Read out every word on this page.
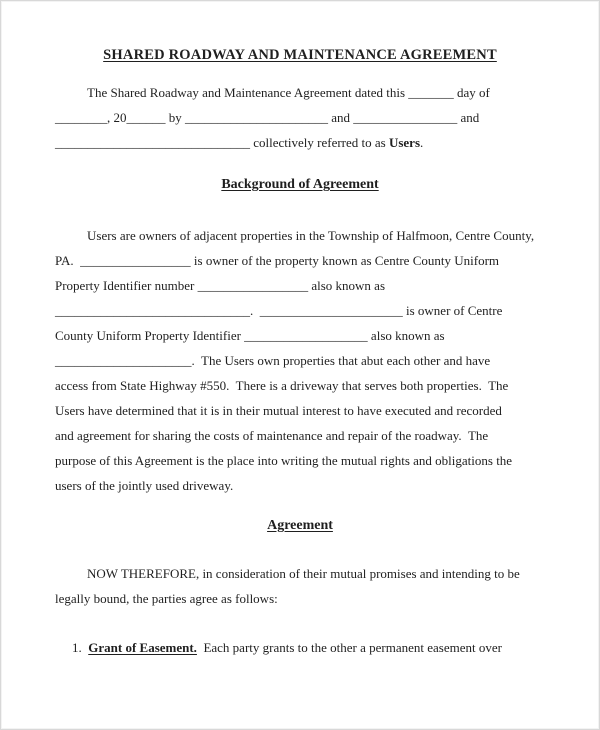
SHARED ROADWAY AND MAINTENANCE AGREEMENT
The Shared Roadway and Maintenance Agreement dated this _______ day of
________, 20______ by ______________________ and ________________ and
______________________________ collectively referred to as Users.
Background of Agreement
Users are owners of adjacent properties in the Township of Halfmoon, Centre County,
PA.  _________________ is owner of the property known as Centre County Uniform
Property Identifier number _________________ also known as
______________________________.  ______________________ is owner of Centre
County Uniform Property Identifier ___________________ also known as
_____________________.  The Users own properties that abut each other and have
access from State Highway #550.  There is a driveway that serves both properties.  The
Users have determined that it is in their mutual interest to have executed and recorded
and agreement for sharing the costs of maintenance and repair of the roadway.  The
purpose of this Agreement is the place into writing the mutual rights and obligations the
users of the jointly used driveway.
Agreement
NOW THEREFORE, in consideration of their mutual promises and intending to be
legally bound, the parties agree as follows:
1.  Grant of Easement.  Each party grants to the other a permanent easement over
